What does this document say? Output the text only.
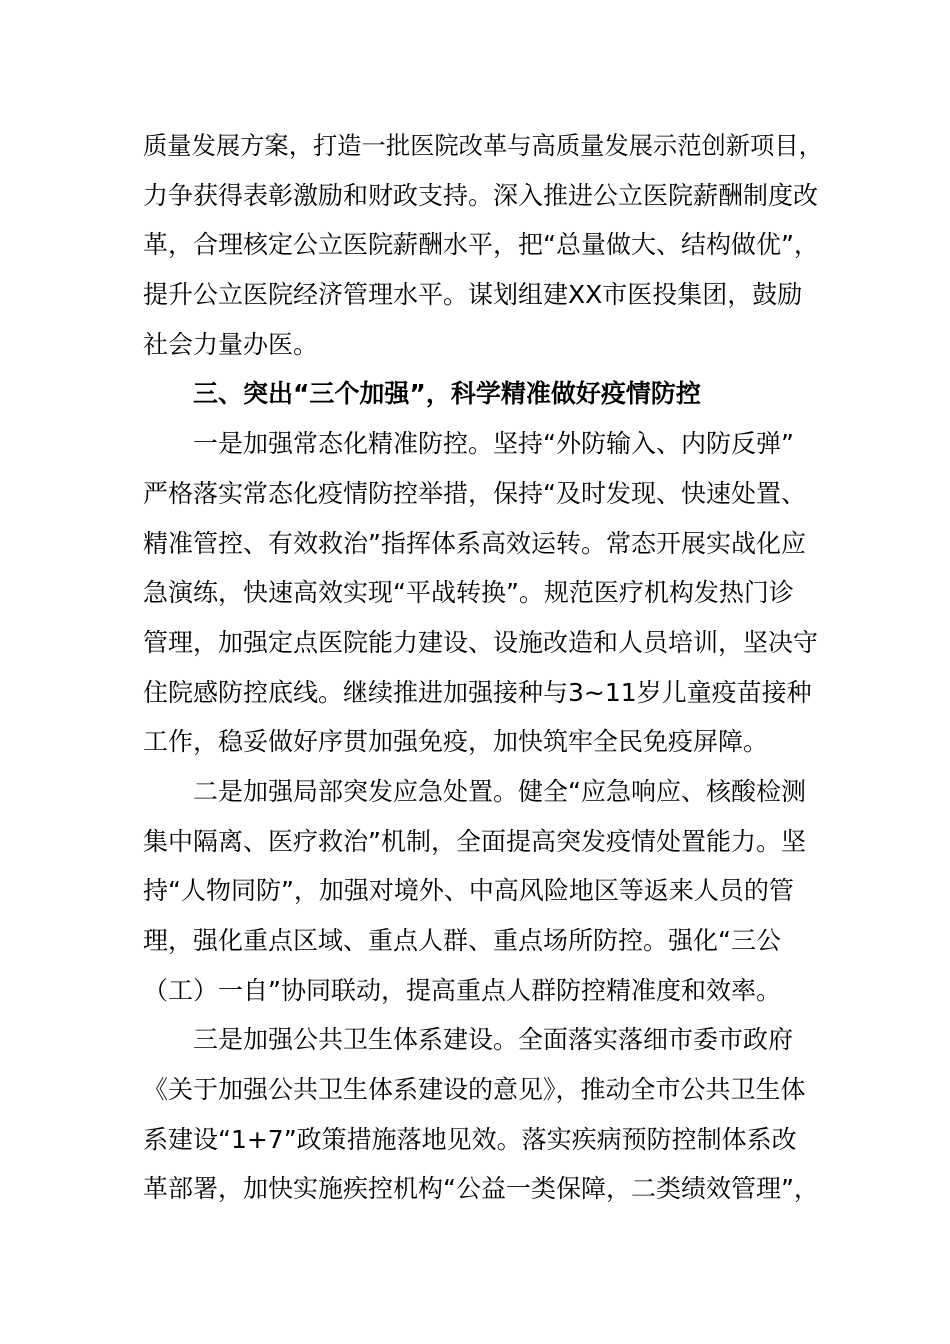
质量发展方案，打造一批医院改革与高质量发展示范创新项目，
力争获得表彰激励和财政支持。深入推进公立医院薪酬制度改
革，合理核定公立医院薪酬水平，把“总量做大、结构做优”，
提升公立医院经济管理水平。谋划组建XX市医投集团，鼓励
社会力量办医。
三、突出“三个加强”，科学精准做好疫情防控
一是加强常态化精准防控。坚持“外防输入、内防反弹”
严格落实常态化疫情防控举措，保持“及时发现、快速处置、
精准管控、有效救治”指挥体系高效运转。常态开展实战化应
急演练，快速高效实现“平战转换”。规范医疗机构发热门诊
管理，加强定点医院能力建设、设施改造和人员培训，坚决守
住院感防控底线。继续推进加强接种与3~11岁儿童疫苗接种
工作，稳妥做好序贯加强免疫，加快筑牢全民免疫屏障。
二是加强局部突发应急处置。健全“应急响应、核酸检测
集中隔离、医疗救治”机制，全面提高突发疫情处置能力。坚
持“人物同防”，加强对境外、中高风险地区等返来人员的管
理，强化重点区域、重点人群、重点场所防控。强化“三公
（工）一自”协同联动，提高重点人群防控精准度和效率。
三是加强公共卫生体系建设。全面落实落细市委市政府
《关于加强公共卫生体系建设的意见》，推动全市公共卫生体
系建设“1+7”政策措施落地见效。落实疾病预防控制体系改
革部署，加快实施疾控机构“公益一类保障，二类绩效管理”，
